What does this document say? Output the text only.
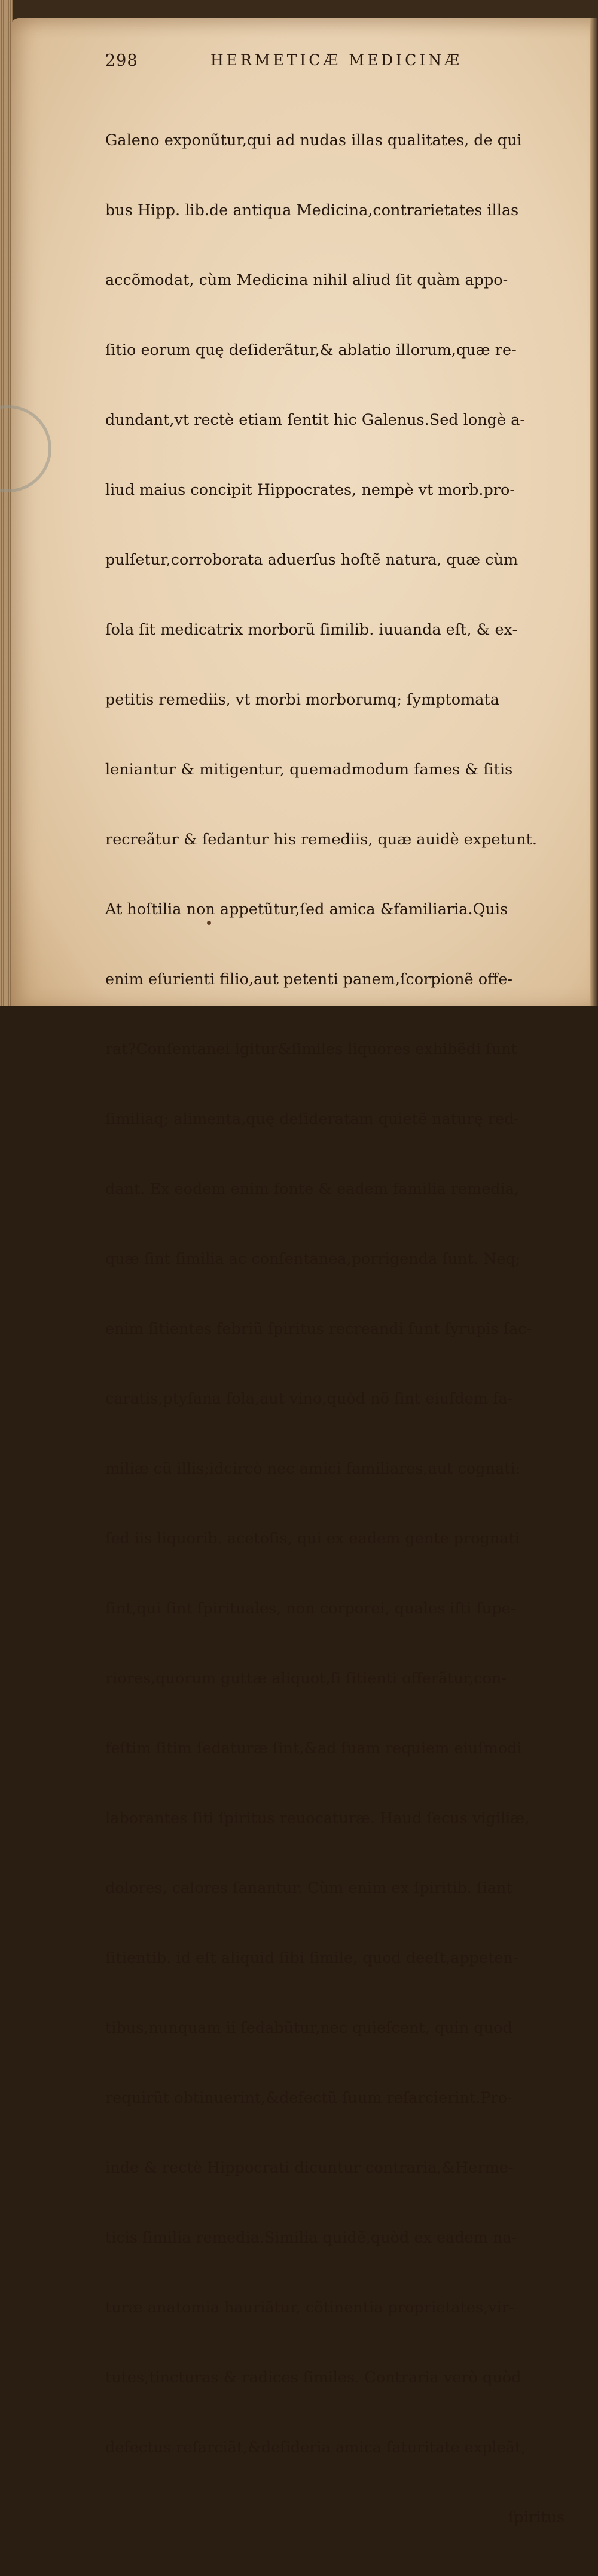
298	HERMETICÆ MEDICINÆ

Galeno exponũtur,qui ad nudas illas qualitates, de qui

bus Hipp. lib.de antiqua Medicina,contrarietates illas

accõmodat, cùm Medicina nihil aliud ſit quàm appo-

ſitio eorum quę deſiderãtur,& ablatio illorum,quæ re-

dundant,vt rectè etiam ſentit hic Galenus.Sed longè a-

liud maius concipit Hippocrates, nempè vt morb.pro-

pulſetur,corroborata aduerſus hoſtẽ natura, quæ cùm

ſola ſit medicatrix morborũ ſimilib. iuuanda eſt, & ex-

petitis remediis, vt morbi morborumq; ſymptomata

leniantur & mitigentur, quemadmodum fames & ſitis

recreãtur & ſedantur his remediis, quæ auidè expetunt.

At hoſtilia non appetũtur,ſed amica &familiaria.Quis

enim eſurienti filio,aut petenti panem,ſcorpionẽ offe-

rat?Conſentanei igitur&ſimiles liquores exhibẽdi ſunt

ſimiliaq; alimenta,quę deſideratam quietẽ naturę red-

dant. Ex eodem enim fonte & eadem familia remedia,

quæ ſint ſimilia ac conſentanea,porrigenda ſunt. Neq;

enim ſitientes febriũ ſpiritus recreandi ſunt ſyrupis ſac-

caratis,ptyſana ſola,aut vino,quòd nõ ſint eiuſdem fa-

miliæ cũ illis;idcircò nec amici familiares,aut cognati:

ſed iis liquorib. acetoſis, qui ex eadem gente prognati

ſint,qui ſint ſpirituales, non corporei, quales iſti ſupe-

riores,quorum guttæ aliquot,ſi ſitienti offerãtur,con-

feſtim ſitim ſedaturæ ſint,&ad ſuam requiem eiuſmodi

laborantes ſiti ſpiritus reuocaturæ. Haud ſecus vigiliæ,

dolores, calores ſanantur. Cùm enim ex ſpiritib. ſiant

ſitientib. id eſt aliquid ſibi ſimile, quod deeſt,appeten-

tibus,nunquam ii ſedabũtur,nec quieſcent, quin quod

requirũt obtinuerint,&defectũ ſuum reſarcierint.Pro-

inde & rectè Hippocrati dicuntur contraria,&Herme-

ticis ſimilia remedia.Similia quidẽ,quòd ex eadem na-

turæ anatomia hauriãtur, cõtinentia proprietates,vir-

tutes,tincturas & radices ſimiles. Contraria verò quòd

defectus reſarciãt,&deſideria amica ſaturitate expleãt,

ſpiritus
